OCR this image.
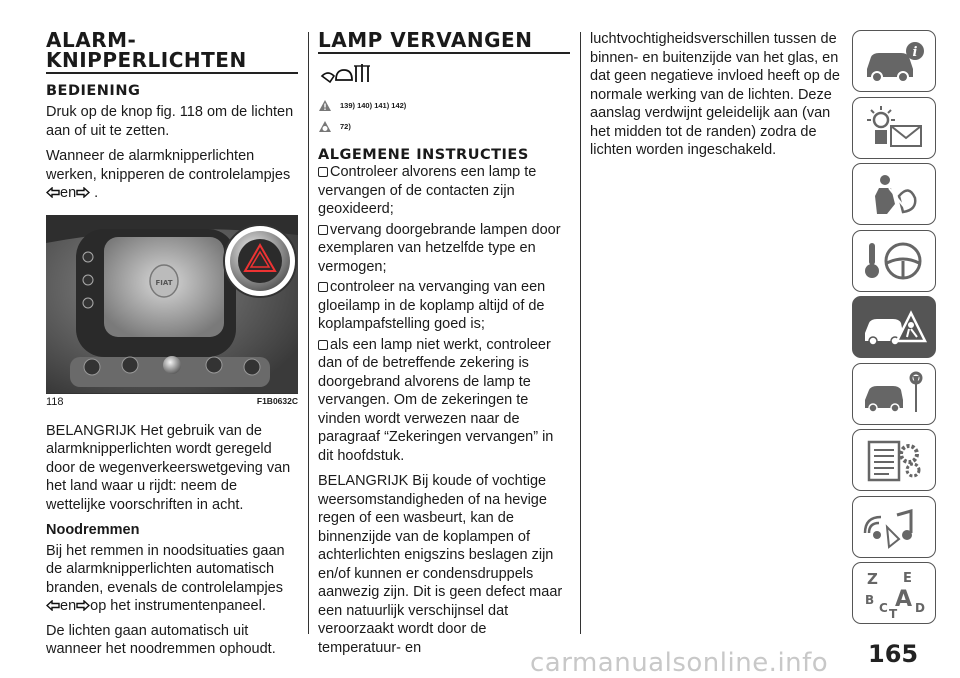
ALARM-
KNIPPERLICHTEN
BEDIENING

Druk op de knop fig. 118 om de lichten aan of uit te zetten.

Wanneer de alarmknipperlichten werken, knipperen de controlelampjes
en .

FIAT
118	F1B0632C

BELANGRIJK Het gebruik van de alarmknipperlichten wordt geregeld door de wegenverkeerswetgeving van het land waar u rijdt: neem de wettelijke voorschriften in acht.

Noodremmen

Bij het remmen in noodsituaties gaan de alarmknipperlichten automatisch branden, evenals de controlelampjes
en op het instrumentenpaneel.

De lichten gaan automatisch uit wanneer het noodremmen ophoudt.

LAMP VERVANGEN
139) 140) 141) 142)
72)
ALGEMENE INSTRUCTIES

Controleer alvorens een lamp te vervangen of de contacten zijn geoxideerd;

vervang doorgebrande lampen door exemplaren van hetzelfde type en vermogen;

controleer na vervanging van een gloeilamp in de koplamp altijd of de koplampafstelling goed is;

als een lamp niet werkt, controleer dan of de betreffende zekering is doorgebrand alvorens de lamp te vervangen. Om de zekeringen te vinden wordt verwezen naar de paragraaf “Zekeringen vervangen” in dit hoofdstuk.

BELANGRIJK Bij koude of vochtige weersomstandigheden of na hevige regen of een wasbeurt, kan de binnenzijde van de koplampen of achterlichten enigszins beslagen zijn en/of kunnen er condensdruppels aanwezig zijn. Dit is geen defect maar een natuurlijk verschijnsel dat veroorzaakt wordt door de temperatuur- en

luchtvochtigheidsverschillen tussen de binnen- en buitenzijde van het glas, en dat geen negatieve invloed heeft op de normale werking van de lichten. Deze aanslag verdwijnt geleidelijk aan (van het midden tot de randen) zodra de lichten worden ingeschakeld.

i
Z E
B A
C D
T
carmanualsonline.info 165
